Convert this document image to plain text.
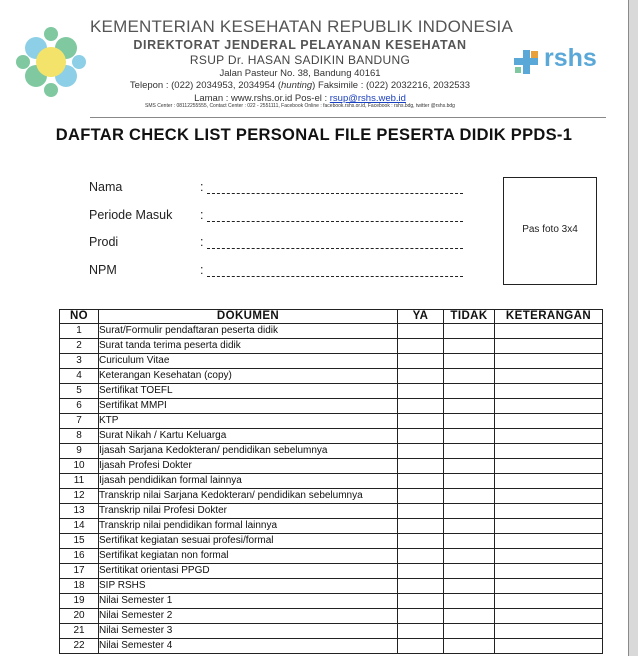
rshs
KEMENTERIAN KESEHATAN REPUBLIK INDONESIA
DIREKTORAT JENDERAL PELAYANAN KESEHATAN
RSUP Dr. HASAN SADIKIN BANDUNG
Jalan Pasteur No. 38, Bandung 40161
Telepon : (022) 2034953, 2034954 (hunting) Faksimile : (022) 2032216, 2032533
Laman : www.rshs.or.id Pos-el : rsup@rshs.web.id
SMS Center : 08112255555, Contact Center : 022 - 2551111, Facebook Online : facebook.rshs.or.id, Facebook : rshs.bdg, twitter @rshs.bdg
DAFTAR CHECK LIST PERSONAL FILE PESERTA DIDIK PPDS-1
Nama	:
Periode Masuk	:
Prodi	:
NPM	:
Pas foto 3x4
NO	DOKUMEN	YA	TIDAK	KETERANGAN
1	Surat/Formulir pendaftaran peserta didik			
2	Surat tanda terima peserta didik			
3	Curiculum Vitae			
4	Keterangan Kesehatan (copy)			
5	Sertifikat TOEFL			
6	Sertifikat MMPI			
7	KTP			
8	Surat Nikah / Kartu Keluarga			
9	Ijasah Sarjana Kedokteran/ pendidikan sebelumnya			
10	Ijasah Profesi Dokter			
11	Ijasah pendidikan formal lainnya			
12	Transkrip nilai Sarjana Kedokteran/ pendidikan sebelumnya			
13	Transkrip nilai Profesi Dokter			
14	Transkrip nilai pendidikan formal lainnya			
15	Sertifikat kegiatan sesuai profesi/formal			
16	Sertifikat kegiatan non formal			
17	Sertitikat orientasi PPGD			
18	SIP RSHS			
19	Nilai Semester 1			
20	Nilai Semester 2			
21	Nilai Semester 3			
22	Nilai Semester 4			
